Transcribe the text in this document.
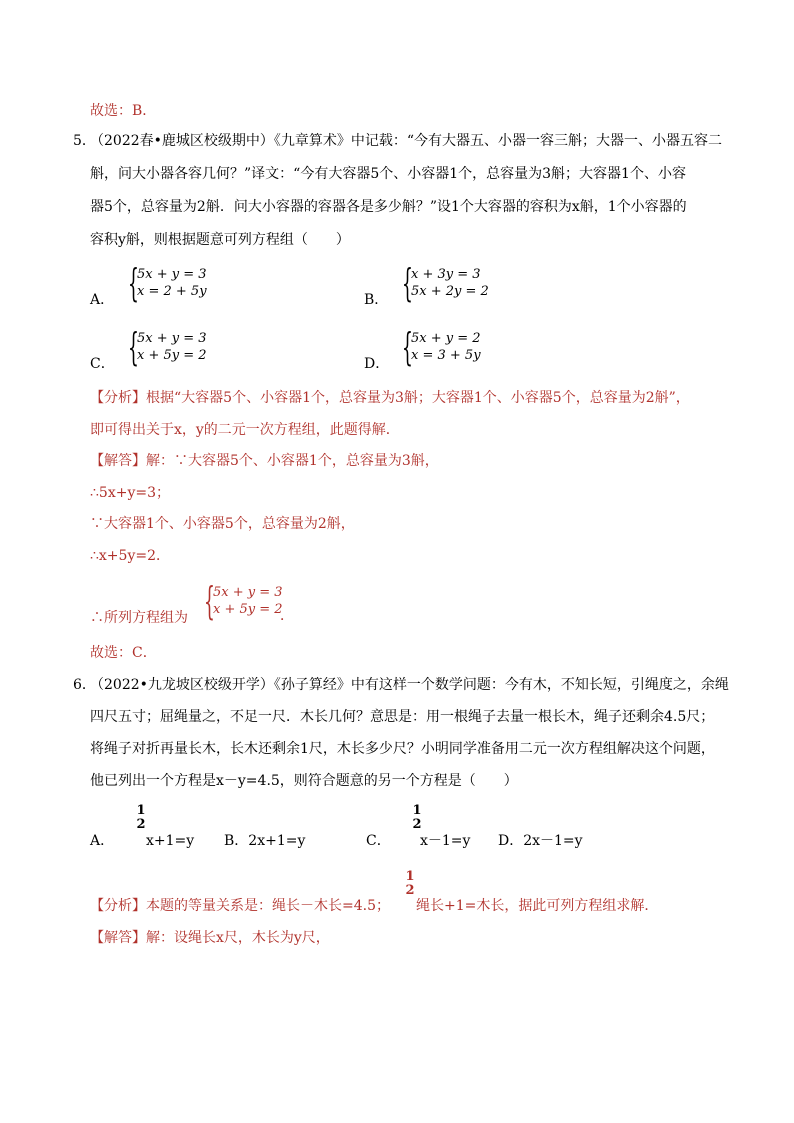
故选：B．
5．
（2022春•鹿城区校级期中）《九章算术》中记载：“今有大器五、小器一容三斛；大器一、小器五容二
斛，问大小器各容几何？”译文：“今有大容器5个、小容器1个，总容量为3斛；大容器1个、小容
器5个，总容量为2斛．问大小容器的容器各是多少斛？”设1个大容器的容积为x斛，1个小容器的
容积y斛，则根据题意可列方程组（　　）
A． {
5x + y = 3
x = 2 + 5y
B． {
x + 3y = 3
5x + 2y = 2
C． {
5x + y = 3
x + 5y = 2
D． {
5x + y = 2
x = 3 + 5y
【分析】根据“大容器5个、小容器1个，总容量为3斛；大容器1个、小容器5个，总容量为2斛”，
即可得出关于x，y的二元一次方程组，此题得解．
【解答】解：∵大容器5个、小容器1个，总容量为3斛，
∴5x+y=3；
∵大容器1个、小容器5个，总容量为2斛，
∴x+5y=2．
∴所列方程组为 {
5x + y = 3
x + 5y = 2
．
故选：C．
6．
（2022•九龙坡区校级开学）《孙子算经》中有这样一个数学问题：今有木，不知长短，引绳度之，余绳
四尺五寸；屈绳量之，不足一尺．木长几何？意思是：用一根绳子去量一根长木，绳子还剩余4.5尺；
将绳子对折再量长木，长木还剩余1尺，木长多少尺？小明同学准备用二元一次方程组解决这个问题，
他已列出一个方程是x－y=4.5，则符合题意的另一个方程是（　　）
A．
1
2
x+1=y B．2x+1=y	C．
1
2
x－1=y D．2x－1=y
【分析】本题的等量关系是：绳长－木长=4.5；
1
2
绳长+1=木长，据此可列方程组求解．
【解答】解：设绳长x尺，木长为y尺，
